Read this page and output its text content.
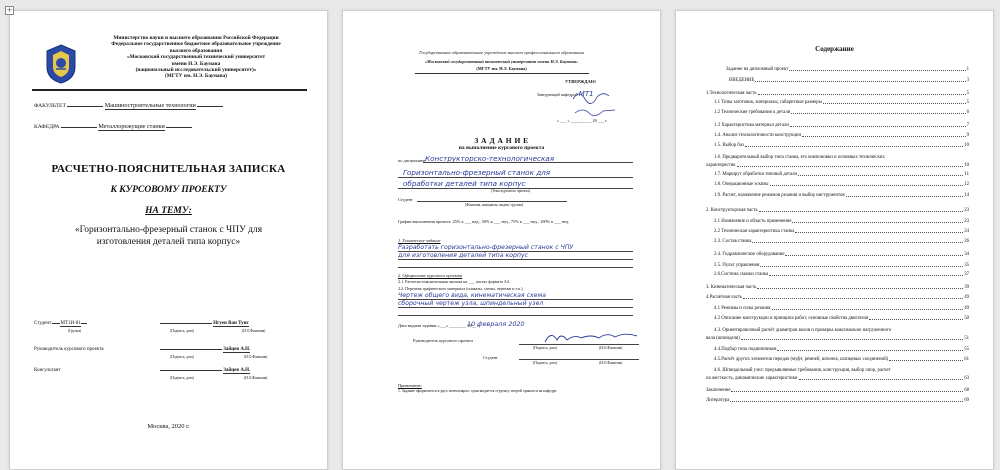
+
Министерство науки и высшего образования Российской Федерации
Федеральное государственное бюджетное образовательное учреждение
высшего образования
«Московский государственный технический университет
имени Н.Э. Баумана
(национальный исследовательский университет)»
(МГТУ им. Н.Э. Баумана)
ФАКУЛЬТЕТ	Машиностроительные технологии
КАФЕДРА	Металлорежущие станки
РАСЧЕТНО-ПОЯСНИТЕЛЬНАЯ ЗАПИСКА
К КУРСОВОМУ ПРОЕКТУ
НА ТЕМУ:
«Горизонтально-фрезерный станок с ЧПУ для
изготовления деталей типа корпус»
Студент МТ1И-81	Нгуен Ван Тунг
(Группа)	(Подпись, дата)	(И.О.Фамилия)
Руководитель курсового проекта	Зайцев А.Н.
(Подпись, дата)	(И.О.Фамилия)
Консультант	Зайцев А.Н.
(Подпись, дата)	(И.О.Фамилия)
Москва, 2020 г.
Государственное образовательное учреждение высшего профессионального образования
«Московский государственный технический университет имени Н.Э. Баумана»
(МГТУ им. Н.Э. Баумана)
УТВЕРЖДАЮ
Заведующий кафедрой МТ1
« ___ » __________ 20 ___ г.
З А Д А Н И Е
на выполнение курсового проекта
по дисциплине Конструкторско-технологическая
Горизонтально-фрезерный станок для
обработки деталей типа корпус
(Тема курсового проекта)
Студент
(Фамилия, инициалы, индекс группы)
График выполнения проекта: 25% к ___ нед., 50% к ___ нед., 75% к ___ нед., 100% к ___ нед.
1. Техническое задание
Разработать горизонтально-фрезерный станок с ЧПУ
для изготовления деталей типа корпус
2. Оформление курсового проекта
2.1. Расчетно-пояснительная записка на ___ листах формата А4.
2.2. Перечень графического материала (плакаты, схемы, чертежи и т.п.)
Чертеж общего вида, кинематическая схема
сборочный чертеж узла, шпиндельный узел
Дата выдачи задания «___» ________ 20__ г.
10 февраля 2020
Руководитель курсового проекта
(Подпись, дата)	(И.О.Фамилия)
Студент
(Подпись, дата)	(И.О.Фамилия)
Примечание:
1. Задание оформляется в двух экземплярах; один выдается студенту, второй хранится на кафедре.
Содержание
Задание на дипломный проект	1
ВВЕДЕНИЕ	3
1.Технологическая часть	5
1.1 Типы заготовок, материалы, габаритные размеры	5
1.2 Технические требования к детали	6
1.3 Характеристика материал детали	7
1.4. Анализ технологичности конструкции	9
1.5. Выбор баз	10
1.6. Предварительный выбор типа станка, его компоновки и основных технических
характеристик	10
1.7. Маршрут обработки типовой детали	11
1.8. Операционные эскизы	12
1.9. Расчет, назначение режимов резания и выбор инструментов	14
2. Конструкторская часть	23
2.1 Назначение и область применение	23
2.2 Техническая характеристика станка	24
2.3. Состав станка	26
2.4. Гидравлическое оборудование	34
2.5. Пульт управления	35
2.6.Система смазки станка	37
3. Кинематическая часть	39
4.Расчётная часть	49
4.1 Режимы и силы резания	49
4.2 Описание конструкции и принципа работ, основные свойства двигателя	50
4.3. Ориентировочный расчёт диаметров валов и проверка максимально нагруженного
вала (шпинделя)	51
4.4.Подбор типа подшипников	55
4.5.Расчёт других элементов передач (муфт, ремней, шпонок, шлицевых соединений)	61
4.6. Шпиндельный узел: предъявляемые требования, конструкция, выбор опор, расчет
на жесткость, динамические характеристики	63
Заключение	68
Литература	69
